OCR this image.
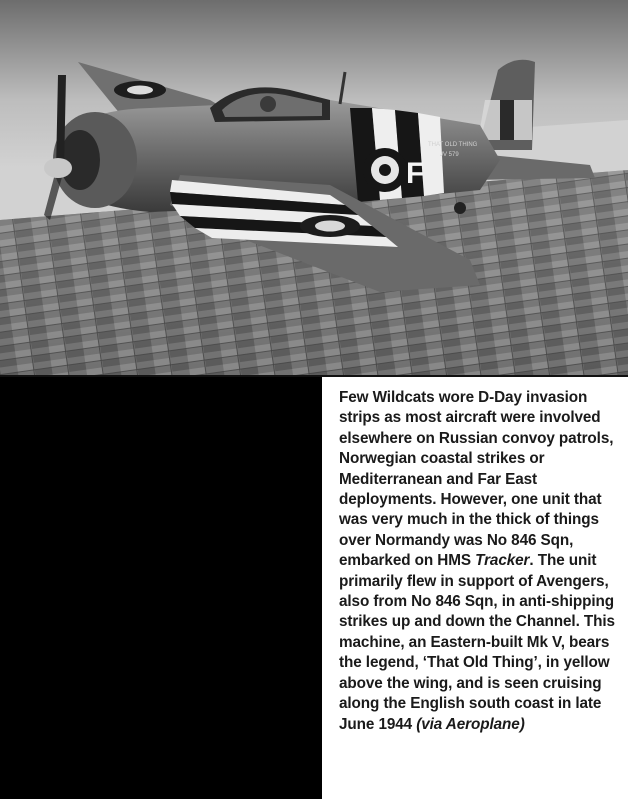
F
THAT OLD THING
JV 579
Few Wildcats wore D-Day invasion strips as most aircraft were involved elsewhere on Russian convoy patrols, Norwegian coastal strikes or Mediterranean and Far East deployments. However, one unit that was very much in the thick of things over Normandy was No 846 Sqn, embarked on HMS Tracker. The unit primarily flew in support of Avengers, also from No 846 Sqn, in anti-shipping strikes up and down the Channel. This machine, an Eastern-built Mk V, bears the legend, ‘That Old Thing’, in yellow above the wing, and is seen cruising along the English south coast in late June 1944 (via Aeroplane)
